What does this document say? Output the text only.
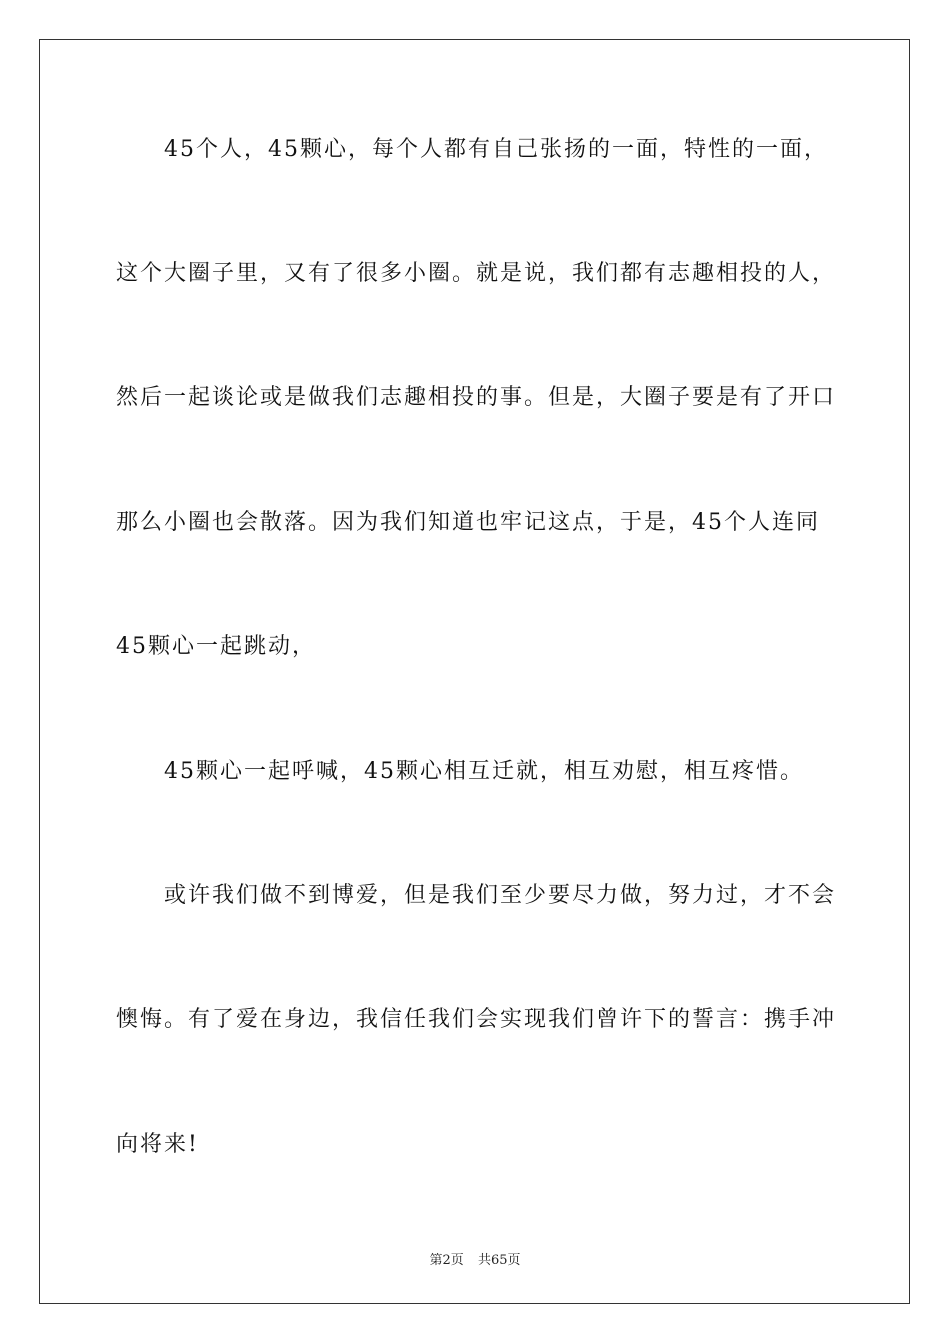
45个人，45颗心，每个人都有自己张扬的一面，特性的一面，
这个大圈子里，又有了很多小圈。就是说，我们都有志趣相投的人，
然后一起谈论或是做我们志趣相投的事。但是，大圈子要是有了开口
那么小圈也会散落。因为我们知道也牢记这点，于是，45个人连同
45颗心一起跳动，
45颗心一起呼喊，45颗心相互迁就，相互劝慰，相互疼惜。
或许我们做不到博爱，但是我们至少要尽力做，努力过，才不会
懊悔。有了爱在身边，我信任我们会实现我们曾许下的誓言：携手冲
向将来!
第2页 共65页
